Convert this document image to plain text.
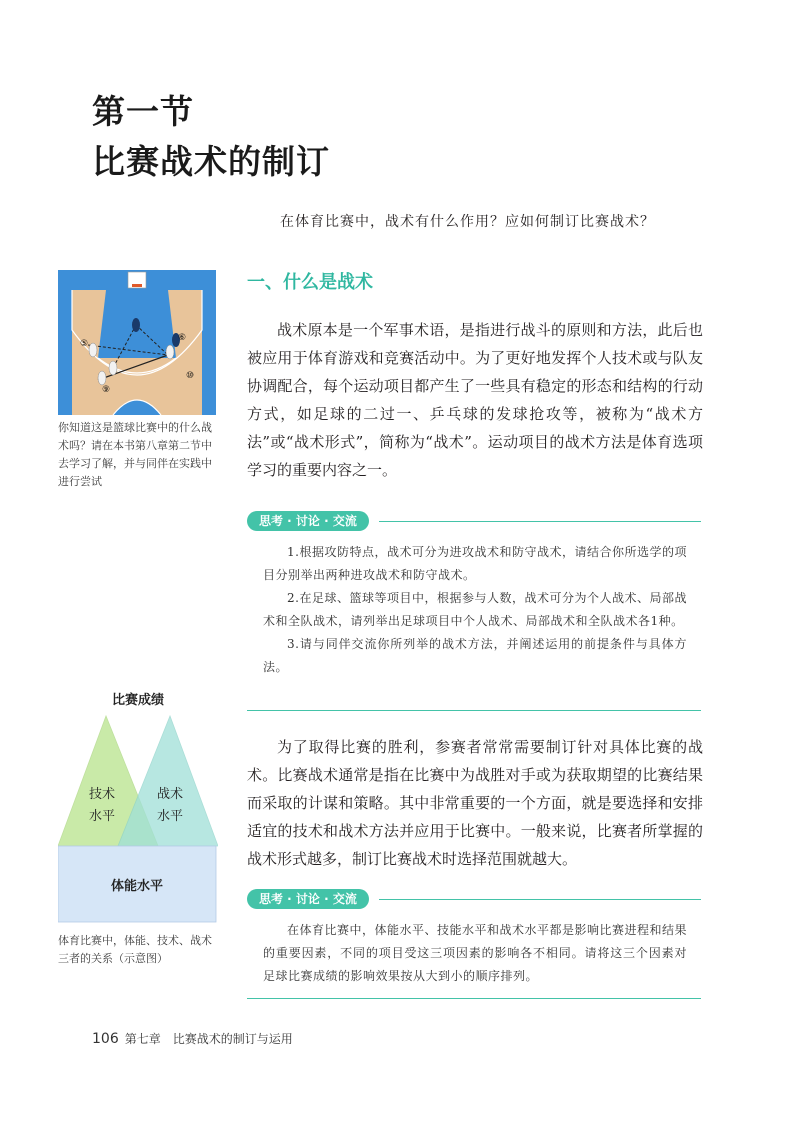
第一节
比赛战术的制订
在体育比赛中，战术有什么作用？应如何制订比赛战术？
一、什么是战术

战术原本是一个军事术语，是指进行战斗的原则和方法，此后也被应用于体育游戏和竞赛活动中。为了更好地发挥个人技术或与队友协调配合，每个运动项目都产生了一些具有稳定的形态和结构的行动方式，如足球的二过一、乒乓球的发球抢攻等，被称为“战术方法”或“战术形式”，简称为“战术”。运动项目的战术方法是体育选项学习的重要内容之一。

⑤
⑥
⑨
⑩
你知道这是篮球比赛中的什么战术吗？请在本书第八章第二节中去学习了解，并与同伴在实践中进行尝试
思考 · 讨论 · 交流

1.根据攻防特点，战术可分为进攻战术和防守战术，请结合你所选学的项目分别举出两种进攻战术和防守战术。

2.在足球、篮球等项目中，根据参与人数，战术可分为个人战术、局部战术和全队战术，请列举出足球项目中个人战术、局部战术和全队战术各1种。

3.请与同伴交流你所列举的战术方法，并阐述运用的前提条件与具体方法。

比赛成绩
技术
水平
战术
水平
体能水平
体育比赛中，体能、技术、战术三者的关系（示意图）

为了取得比赛的胜利，参赛者常常需要制订针对具体比赛的战术。比赛战术通常是指在比赛中为战胜对手或为获取期望的比赛结果而采取的计谋和策略。其中非常重要的一个方面，就是要选择和安排适宜的技术和战术方法并应用于比赛中。一般来说，比赛者所掌握的战术形式越多，制订比赛战术时选择范围就越大。

思考 · 讨论 · 交流

在体育比赛中，体能水平、技能水平和战术水平都是影响比赛进程和结果的重要因素，不同的项目受这三项因素的影响各不相同。请将这三个因素对足球比赛成绩的影响效果按从大到小的顺序排列。

106 第七章　比赛战术的制订与运用
